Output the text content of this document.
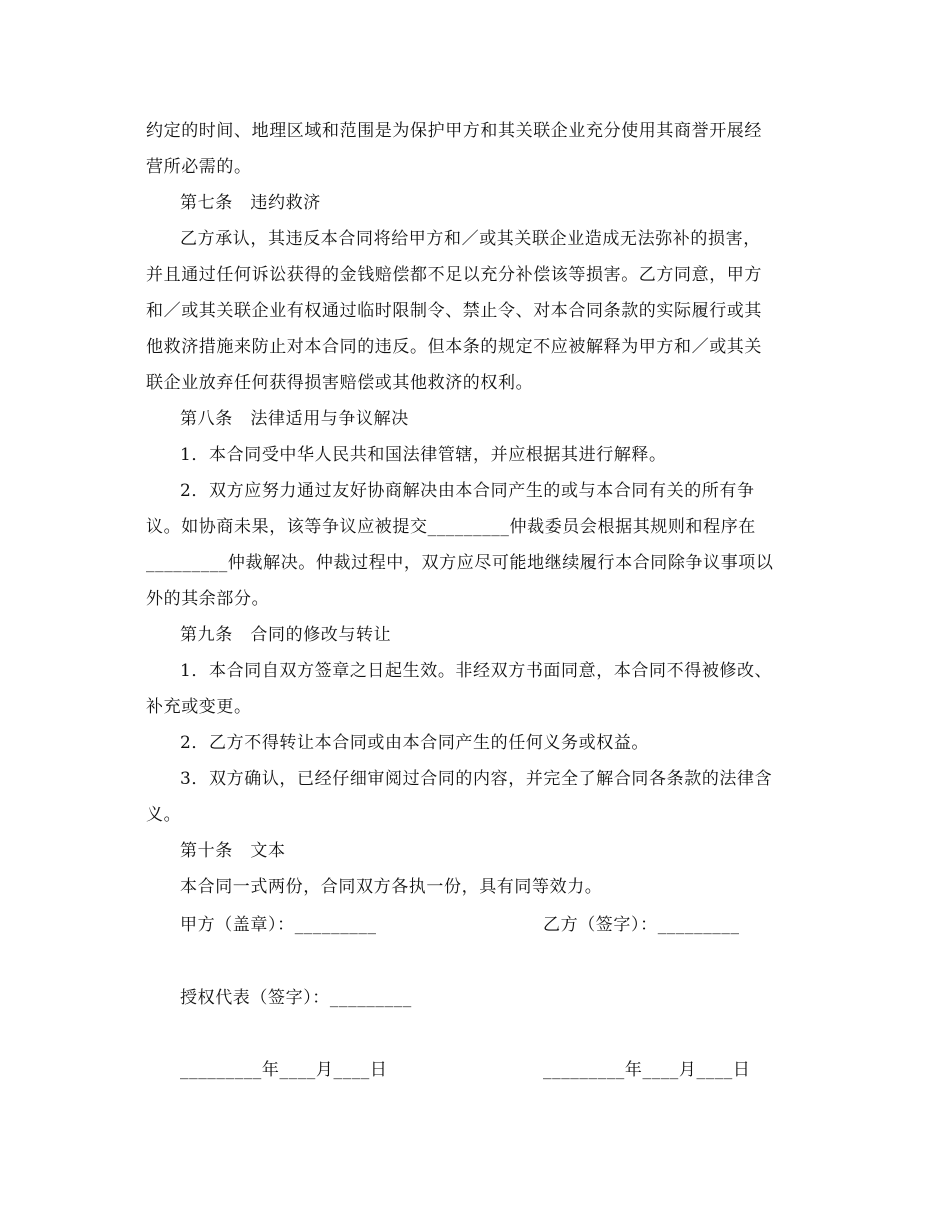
约定的时间、地理区域和范围是为保护甲方和其关联企业充分使用其商誉开展经
营所必需的。
第七条　违约救济
乙方承认，其违反本合同将给甲方和／或其关联企业造成无法弥补的损害，
并且通过任何诉讼获得的金钱赔偿都不足以充分补偿该等损害。乙方同意，甲方
和／或其关联企业有权通过临时限制令、禁止令、对本合同条款的实际履行或其
他救济措施来防止对本合同的违反。但本条的规定不应被解释为甲方和／或其关
联企业放弃任何获得损害赔偿或其他救济的权利。
第八条　法律适用与争议解决
1．本合同受中华人民共和国法律管辖，并应根据其进行解释。
2．双方应努力通过友好协商解决由本合同产生的或与本合同有关的所有争
议。如协商未果，该等争议应被提交_________仲裁委员会根据其规则和程序在
_________仲裁解决。仲裁过程中，双方应尽可能地继续履行本合同除争议事项以
外的其余部分。
第九条　合同的修改与转让
1．本合同自双方签章之日起生效。非经双方书面同意，本合同不得被修改、
补充或变更。
2．乙方不得转让本合同或由本合同产生的任何义务或权益。
3．双方确认，已经仔细审阅过合同的内容，并完全了解合同各条款的法律含
义。
第十条　文本
本合同一式两份，合同双方各执一份，具有同等效力。
甲方（盖章）：_________	乙方（签字）：_________
授权代表（签字）：_________
_________年____月____日	_________年____月____日
